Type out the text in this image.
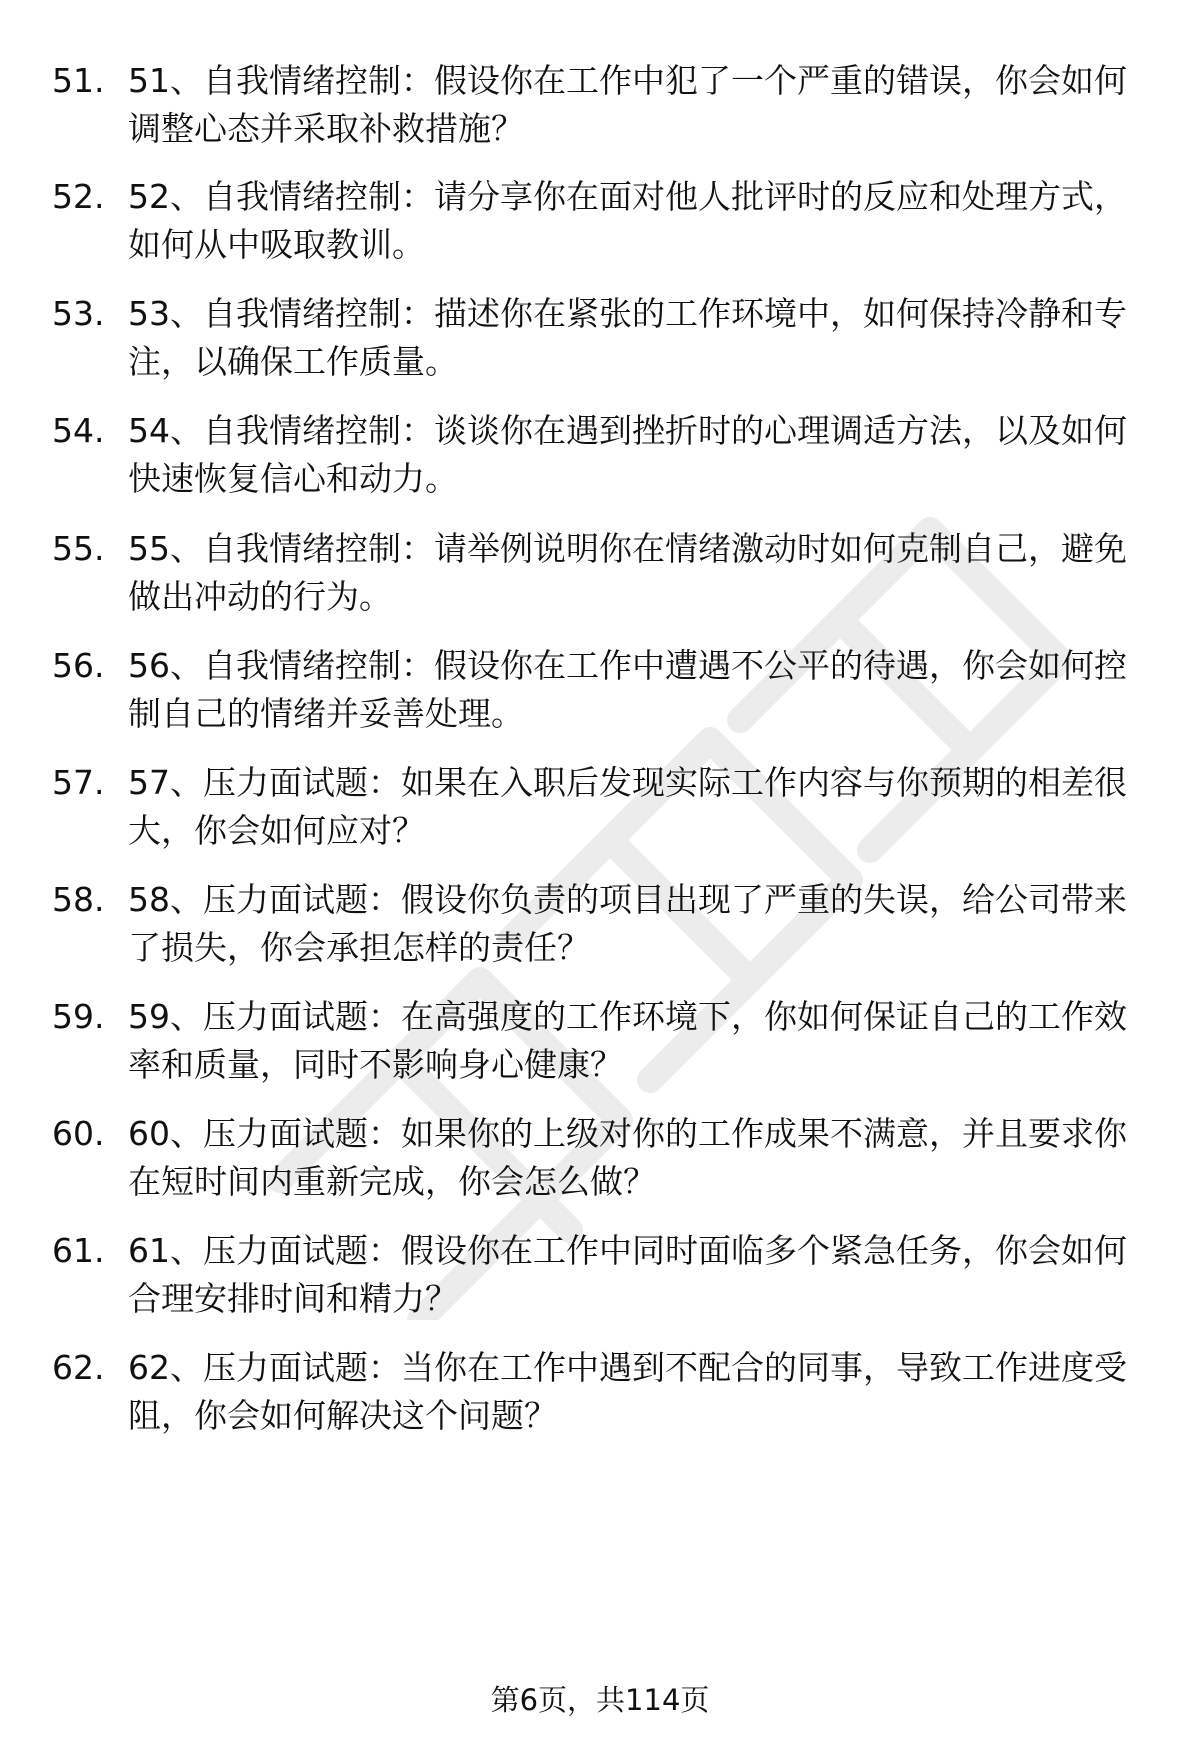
51. 51、自我情绪控制：假设你在工作中犯了一个严重的错误，你会如何调整心态并采取补救措施？
52. 52、自我情绪控制：请分享你在面对他人批评时的反应和处理方式，如何从中吸取教训。
53. 53、自我情绪控制：描述你在紧张的工作环境中，如何保持冷静和专注，以确保工作质量。
54. 54、自我情绪控制：谈谈你在遇到挫折时的心理调适方法，以及如何快速恢复信心和动力。
55. 55、自我情绪控制：请举例说明你在情绪激动时如何克制自己，避免做出冲动的行为。
56. 56、自我情绪控制：假设你在工作中遭遇不公平的待遇，你会如何控制自己的情绪并妥善处理。
57. 57、压力面试题：如果在入职后发现实际工作内容与你预期的相差很大，你会如何应对？
58. 58、压力面试题：假设你负责的项目出现了严重的失误，给公司带来了损失，你会承担怎样的责任？
59. 59、压力面试题：在高强度的工作环境下，你如何保证自己的工作效率和质量，同时不影响身心健康？
60. 60、压力面试题：如果你的上级对你的工作成果不满意，并且要求你在短时间内重新完成，你会怎么做？
61. 61、压力面试题：假设你在工作中同时面临多个紧急任务，你会如何合理安排时间和精力？
62. 62、压力面试题：当你在工作中遇到不配合的同事，导致工作进度受阻，你会如何解决这个问题？
第6页，共114页
